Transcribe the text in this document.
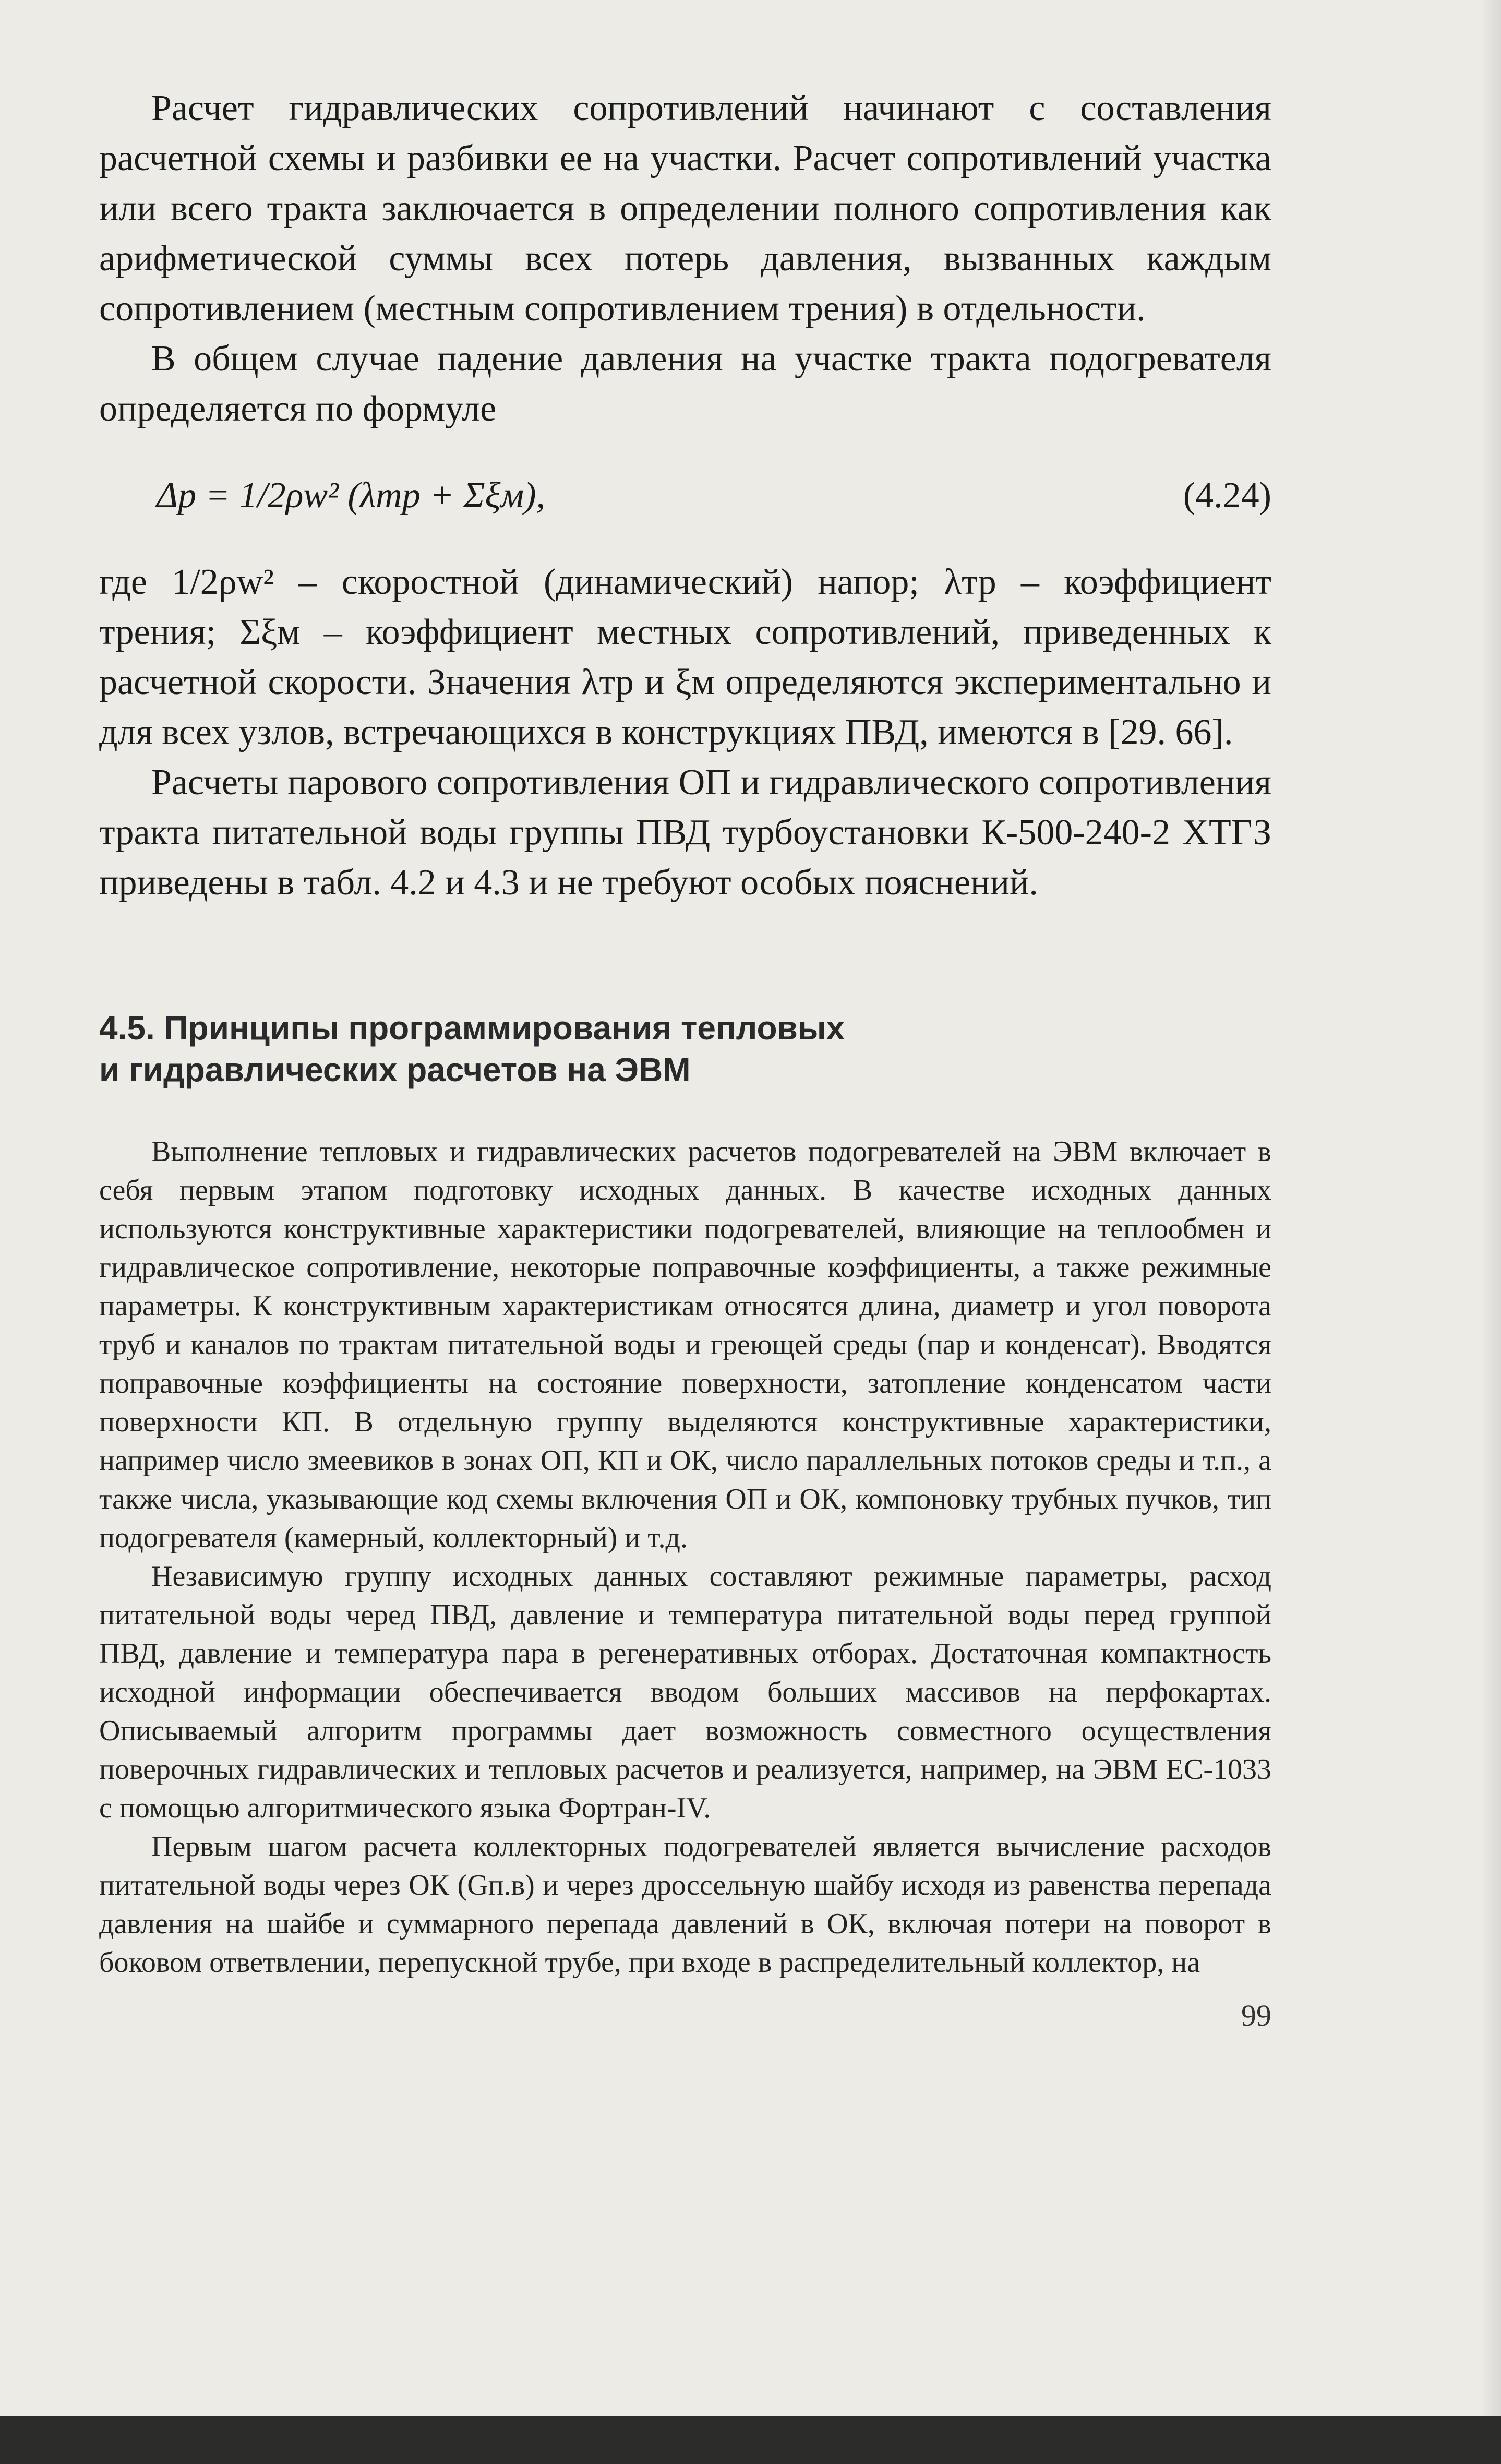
Расчет гидравлических сопротивлений начинают с составления расчетной схемы и разбивки ее на участки. Расчет сопротивлений участка или всего тракта заключается в определении полного сопротивления как арифметической суммы всех потерь давления, вызванных каждым сопротивлением (местным сопротивлением трения) в отдельности.

В общем случае падение давления на участке тракта подогревателя определяется по формуле

Δp = 1/2ρw² (λтр + Σξм),	(4.24)

где 1/2ρw² – скоростной (динамический) напор; λтр – коэффициент трения; Σξм – коэффициент местных сопротивлений, приведенных к расчетной скорости. Значения λтр и ξм определяются экспериментально и для всех узлов, встречающихся в конструкциях ПВД, имеются в [29. 66].

Расчеты парового сопротивления ОП и гидравлического сопротивления тракта питательной воды группы ПВД турбоустановки К-500-240-2 ХТГЗ приведены в табл. 4.2 и 4.3 и не требуют особых пояснений.

4.5. Принципы программирования тепловых
и гидравлических расчетов на ЭВМ

Выполнение тепловых и гидравлических расчетов подогревателей на ЭВМ включает в себя первым этапом подготовку исходных данных. В качестве исходных данных используются конструктивные характеристики подогревателей, влияющие на теплообмен и гидравлическое сопротивление, некоторые поправочные коэффициенты, а также режимные параметры. К конструктивным характеристикам относятся длина, диаметр и угол поворота труб и каналов по трактам питательной воды и греющей среды (пар и конденсат). Вводятся поправочные коэффициенты на состояние поверхности, затопление конденсатом части поверхности КП. В отдельную группу выделяются конструктивные характеристики, например число змеевиков в зонах ОП, КП и ОК, число параллельных потоков среды и т.п., а также числа, указывающие код схемы включения ОП и ОК, компоновку трубных пучков, тип подогревателя (камерный, коллекторный) и т.д.

Независимую группу исходных данных составляют режимные параметры, расход питательной воды черед ПВД, давление и температура питательной воды перед группой ПВД, давление и температура пара в регенеративных отборах. Достаточная компактность исходной информации обеспечивается вводом больших массивов на перфокартах. Описываемый алгоритм программы дает возможность совместного осуществления поверочных гидравлических и тепловых расчетов и реализуется, например, на ЭВМ ЕС-1033 с помощью алгоритмического языка Фортран-IV.

Первым шагом расчета коллекторных подогревателей является вычисление расходов питательной воды через ОК (Gп.в) и через дроссельную шайбу исходя из равенства перепада давления на шайбе и суммарного перепада давлений в ОК, включая потери на поворот в боковом ответвлении, перепускной трубе, при входе в распределительный коллектор, на

99
